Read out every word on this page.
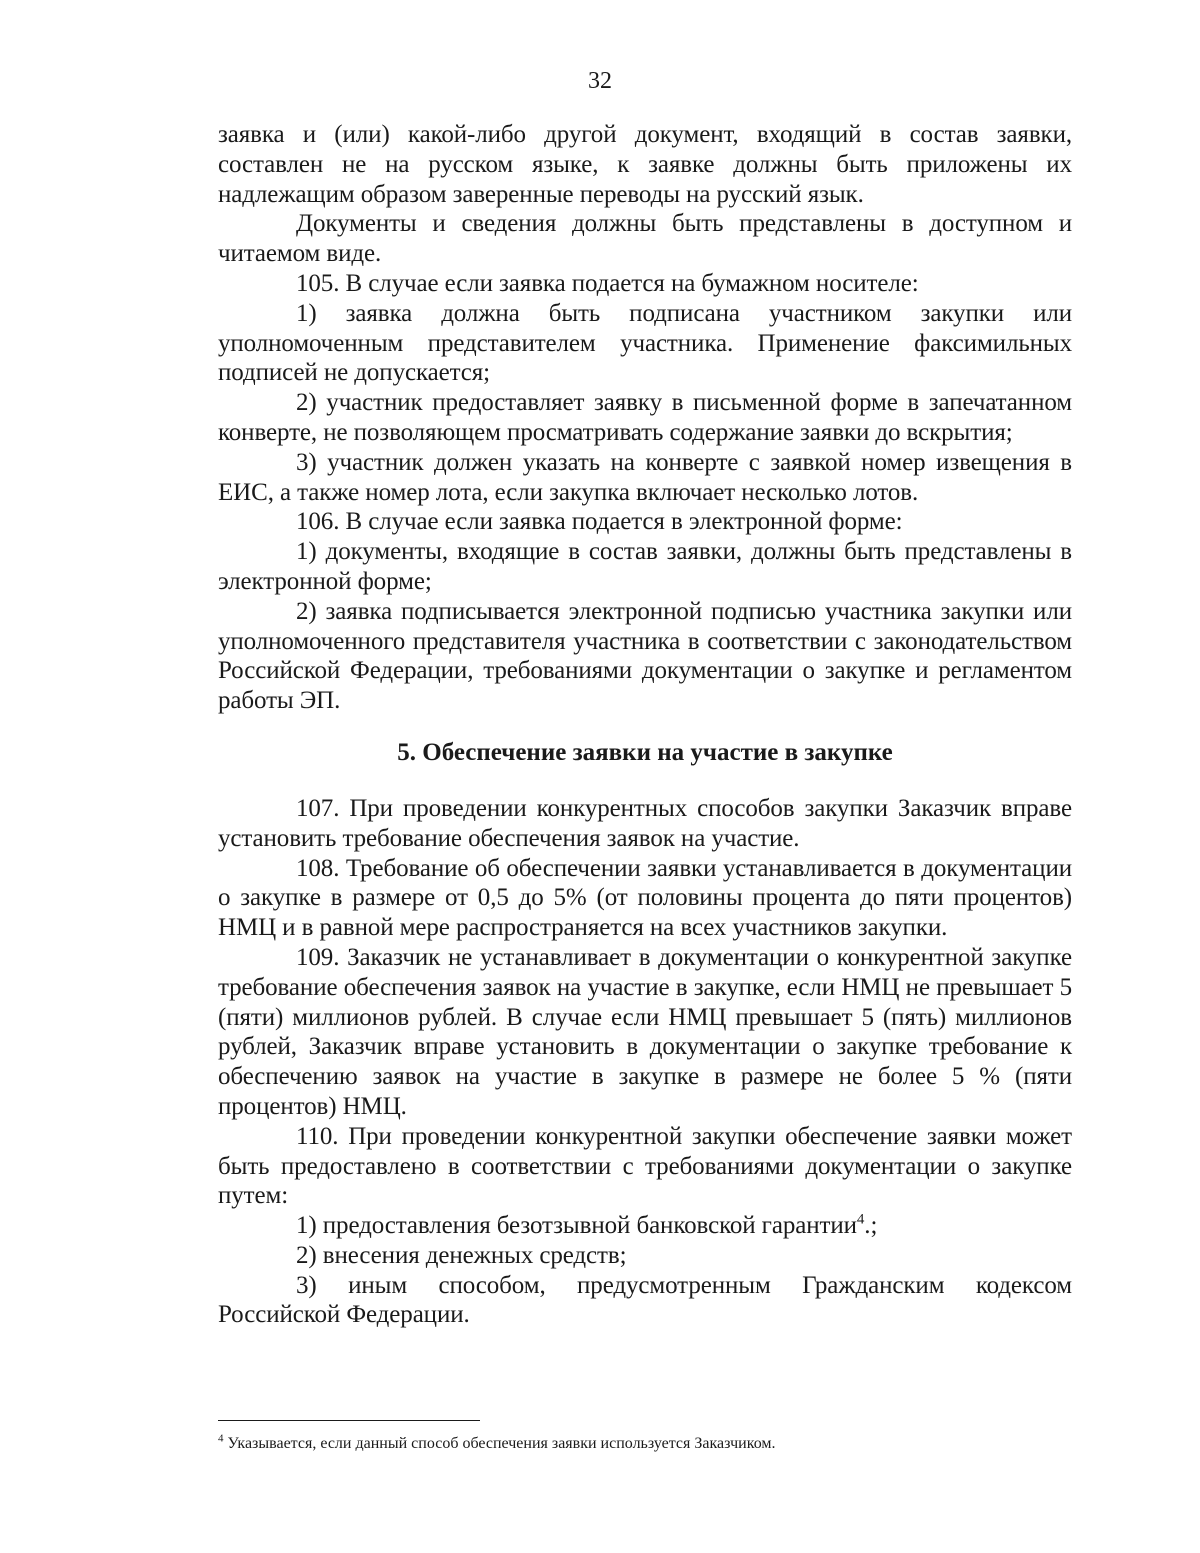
32

заявка и (или) какой-либо другой документ, входящий в состав заявки, составлен не на русском языке, к заявке должны быть приложены их надлежащим образом заверенные переводы на русский язык.

Документы и сведения должны быть представлены в доступном и читаемом виде.

105. В случае если заявка подается на бумажном носителе:

1) заявка должна быть подписана участником закупки или уполномоченным представителем участника. Применение факсимильных подписей не допускается;

2) участник предоставляет заявку в письменной форме в запечатанном конверте, не позволяющем просматривать содержание заявки до вскрытия;

3) участник должен указать на конверте с заявкой номер извещения в ЕИС, а также номер лота, если закупка включает несколько лотов.

106. В случае если заявка подается в электронной форме:

1) документы, входящие в состав заявки, должны быть представлены в электронной форме;

2) заявка подписывается электронной подписью участника закупки или уполномоченного представителя участника в соответствии с законодательством Российской Федерации, требованиями документации о закупке и регламентом работы ЭП.

5. Обеспечение заявки на участие в закупке

107. При проведении конкурентных способов закупки Заказчик вправе установить требование обеспечения заявок на участие.

108. Требование об обеспечении заявки устанавливается в документации о закупке в размере от 0,5 до 5% (от половины процента до пяти процентов) НМЦ и в равной мере распространяется на всех участников закупки.

109. Заказчик не устанавливает в документации о конкурентной закупке требование обеспечения заявок на участие в закупке, если НМЦ не превышает 5 (пяти) миллионов рублей. В случае если НМЦ превышает 5 (пять) миллионов рублей, Заказчик вправе установить в документации о закупке требование к обеспечению заявок на участие в закупке в размере не более 5 % (пяти процентов) НМЦ.

110. При проведении конкурентной закупки обеспечение заявки может быть предоставлено в соответствии с требованиями документации о закупке путем:

1) предоставления безотзывной банковской гарантии$^4$.;

2) внесения денежных средств;

3) иным способом, предусмотренным Гражданским кодексом Российской Федерации.

$^4$ Указывается, если данный способ обеспечения заявки используется Заказчиком.
